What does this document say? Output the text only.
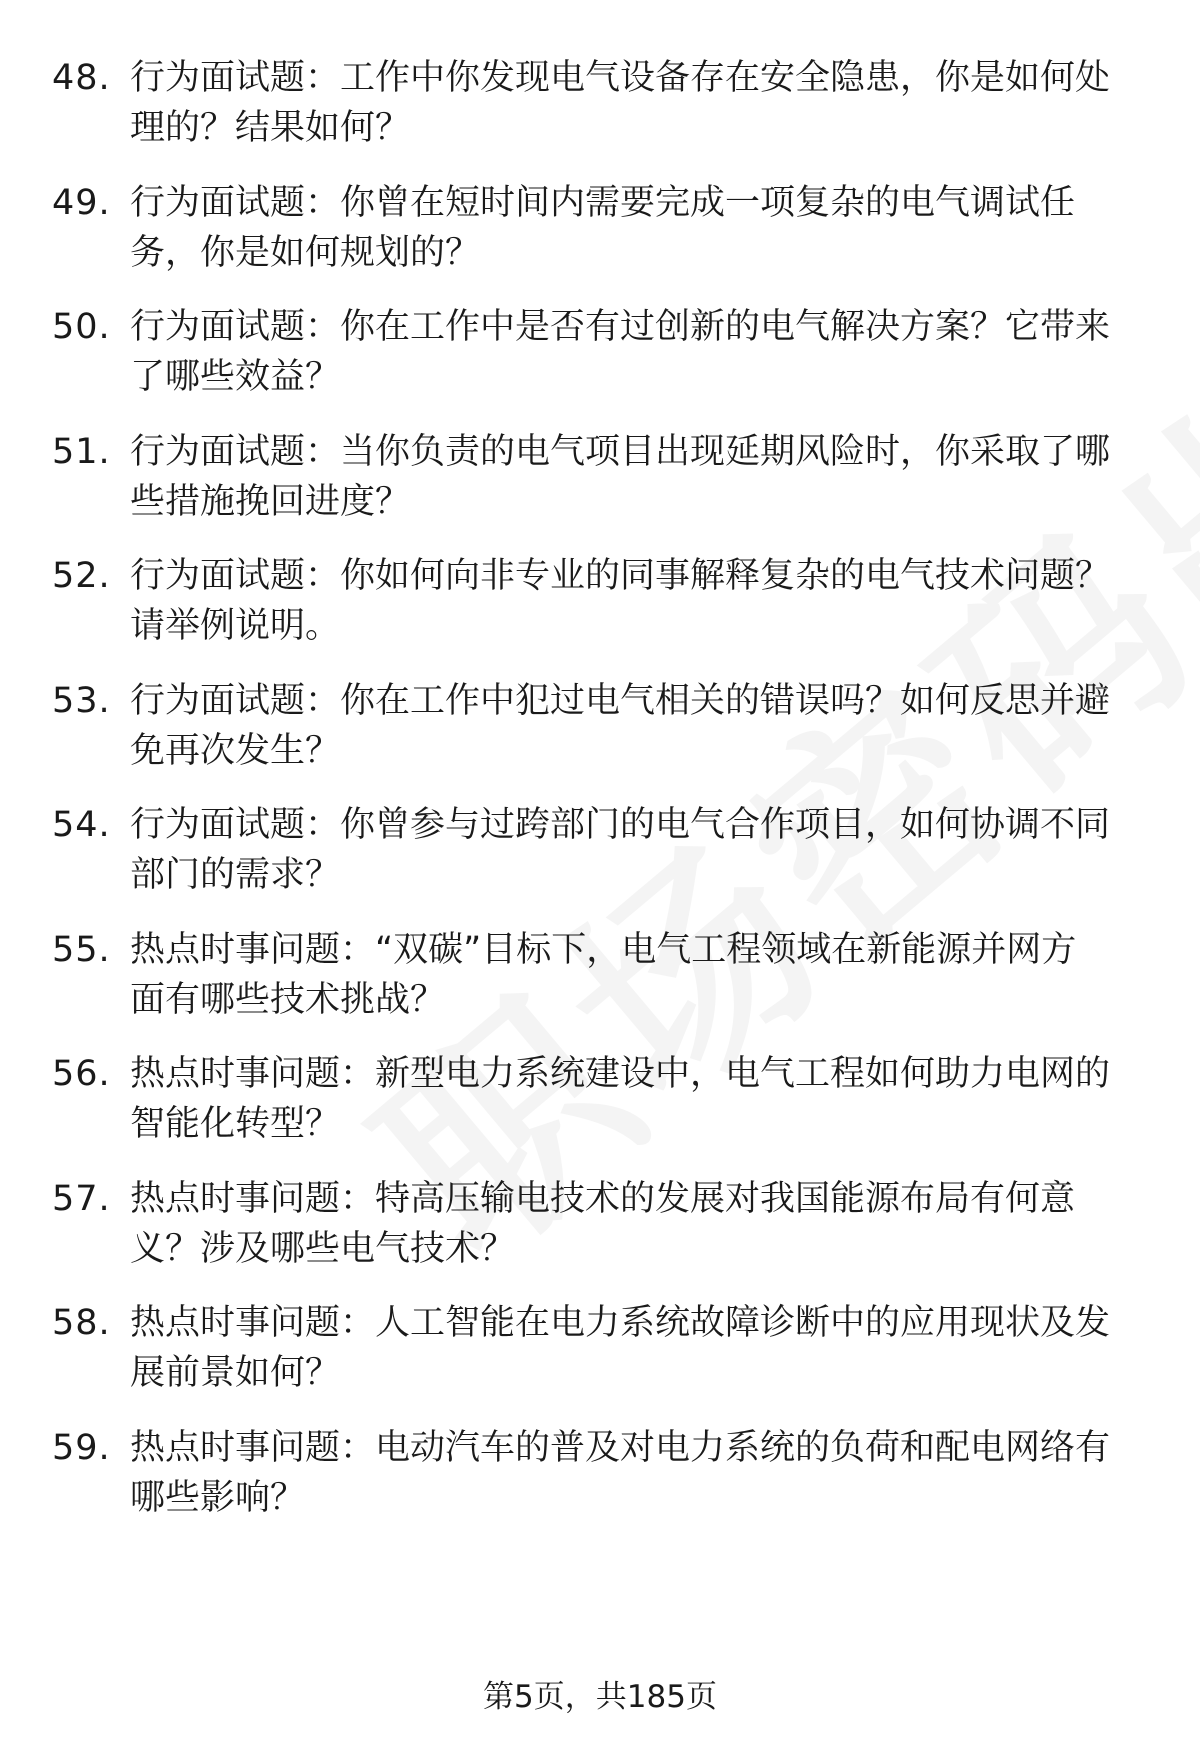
48. 行为面试题：工作中你发现电气设备存在安全隐患，你是如何处
理的？结果如何？
49. 行为面试题：你曾在短时间内需要完成一项复杂的电气调试任
务，你是如何规划的？
50. 行为面试题：你在工作中是否有过创新的电气解决方案？它带来
了哪些效益？
51. 行为面试题：当你负责的电气项目出现延期风险时，你采取了哪
些措施挽回进度？
52. 行为面试题：你如何向非专业的同事解释复杂的电气技术问题？
请举例说明。
53. 行为面试题：你在工作中犯过电气相关的错误吗？如何反思并避
免再次发生？
54. 行为面试题：你曾参与过跨部门的电气合作项目，如何协调不同
部门的需求？
55. 热点时事问题：“双碳”目标下，电气工程领域在新能源并网方
面有哪些技术挑战？
56. 热点时事问题：新型电力系统建设中，电气工程如何助力电网的
智能化转型？
57. 热点时事问题：特高压输电技术的发展对我国能源布局有何意
义？涉及哪些电气技术？
58. 热点时事问题：人工智能在电力系统故障诊断中的应用现状及发
展前景如何？
59. 热点时事问题：电动汽车的普及对电力系统的负荷和配电网络有
哪些影响？
第5页，共185页
